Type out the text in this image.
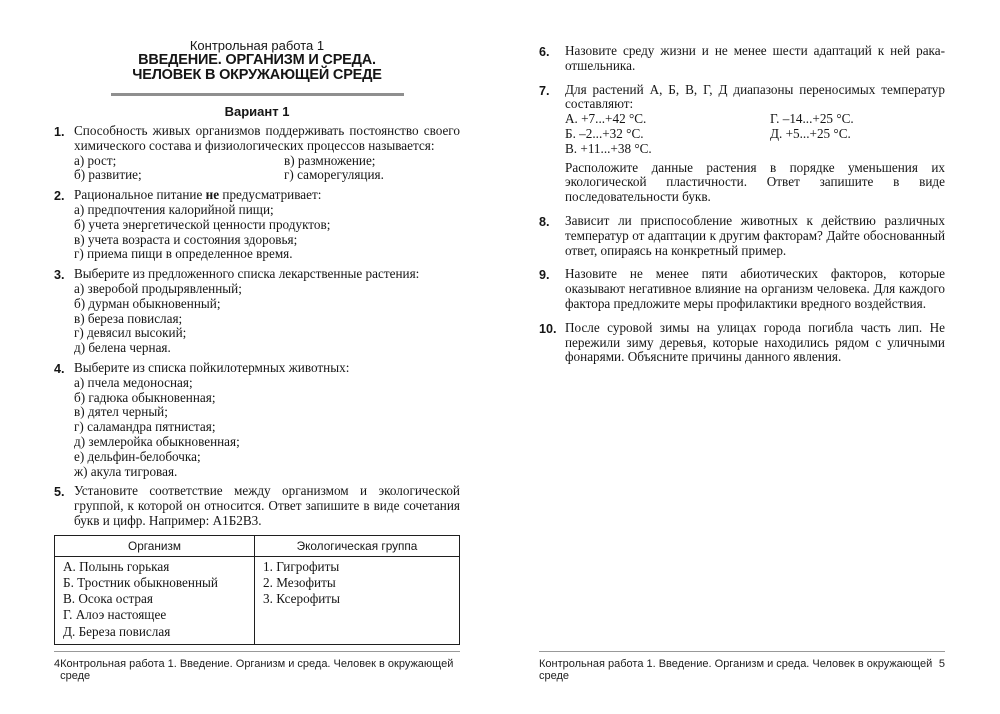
Контрольная работа 1
ВВЕДЕНИЕ. ОРГАНИЗМ И СРЕДА.
ЧЕЛОВЕК В ОКРУЖАЮЩЕЙ СРЕДЕ
Вариант 1
1. Способность живых организмов поддерживать постоянство своего химического состава и физиологических процессов называется:
а) рост;
б) развитие;
в) размножение;
г) саморегуляция.
2. Рациональное питание не предусматривает:
а) предпочтения калорийной пищи;
б) учета энергетической ценности продуктов;
в) учета возраста и состояния здоровья;
г) приема пищи в определенное время.
3. Выберите из предложенного списка лекарственные растения:
а) зверобой продырявленный;
б) дурман обыкновенный;
в) береза повислая;
г) девясил высокий;
д) белена черная.
4. Выберите из списка пойкилотермных животных:
а) пчела медоносная;
б) гадюка обыкновенная;
в) дятел черный;
г) саламандра пятнистая;
д) землеройка обыкновенная;
е) дельфин-белобочка;
ж) акула тигровая.
5. Установите соответствие между организмом и экологической группой, к которой он относится. Ответ запишите в виде сочетания букв и цифр. Например: А1Б2В3.
Организм	Экологическая группа

А. Полынь горькая
Б. Тростник обыкновенный
В. Осока острая
Г. Алоэ настоящее
Д. Береза повислая

1. Гигрофиты
2. Мезофиты
3. Ксерофиты
6. Назовите среду жизни и не менее шести адаптаций к ней рака-отшельника.
7. Для растений А, Б, В, Г, Д диапазоны переносимых температур составляют:
А. +7...+42 °С.
Б. –2...+32 °С.
В. +11...+38 °С.
Г. –14...+25 °С.
Д. +5...+25 °С.
Расположите данные растения в порядке уменьшения их экологической пластичности. Ответ запишите в виде последовательности букв.
8. Зависит ли приспособление животных к действию различных температур от адаптации к другим факторам? Дайте обоснованный ответ, опираясь на конкретный пример.
9. Назовите не менее пяти абиотических факторов, которые оказывают негативное влияние на организм человека. Для каждого фактора предложите меры профилактики вредного воздействия.
10. После суровой зимы на улицах города погибла часть лип. Не пережили зиму деревья, которые находились рядом с уличными фонарями. Объясните причины данного явления.
4 Контрольная работа 1. Введение. Организм и среда. Человек в окружающей среде
Контрольная работа 1. Введение. Организм и среда. Человек в окружающей среде
5
